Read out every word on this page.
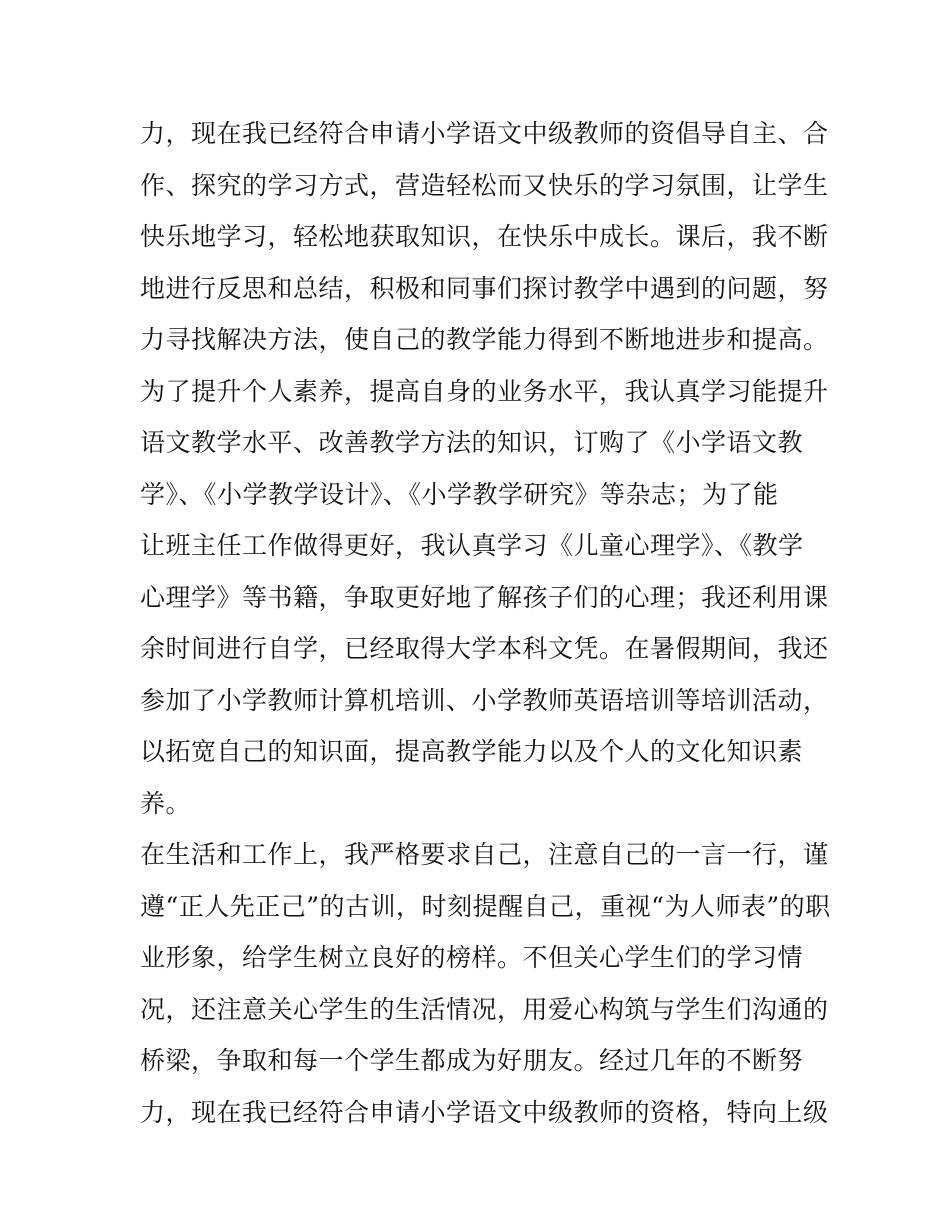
力，现在我已经符合申请小学语文中级教师的资倡导自主、合
作、探究的学习方式，营造轻松而又快乐的学习氛围，让学生
快乐地学习，轻松地获取知识，在快乐中成长。课后，我不断
地进行反思和总结，积极和同事们探讨教学中遇到的问题，努
力寻找解决方法，使自己的教学能力得到不断地进步和提高。
为了提升个人素养，提高自身的业务水平，我认真学习能提升
语文教学水平、改善教学方法的知识，订购了《小学语文教
学》、《小学教学设计》、《小学教学研究》等杂志；为了能
让班主任工作做得更好，我认真学习《儿童心理学》、《教学
心理学》等书籍，争取更好地了解孩子们的心理；我还利用课
余时间进行自学，已经取得大学本科文凭。在暑假期间，我还
参加了小学教师计算机培训、小学教师英语培训等培训活动，
以拓宽自己的知识面，提高教学能力以及个人的文化知识素
养。
在生活和工作上，我严格要求自己，注意自己的一言一行，谨
遵“正人先正己”的古训，时刻提醒自己，重视“为人师表”的职
业形象，给学生树立良好的榜样。不但关心学生们的学习情
况，还注意关心学生的生活情况，用爱心构筑与学生们沟通的
桥梁，争取和每一个学生都成为好朋友。经过几年的不断努
力，现在我已经符合申请小学语文中级教师的资格，特向上级
